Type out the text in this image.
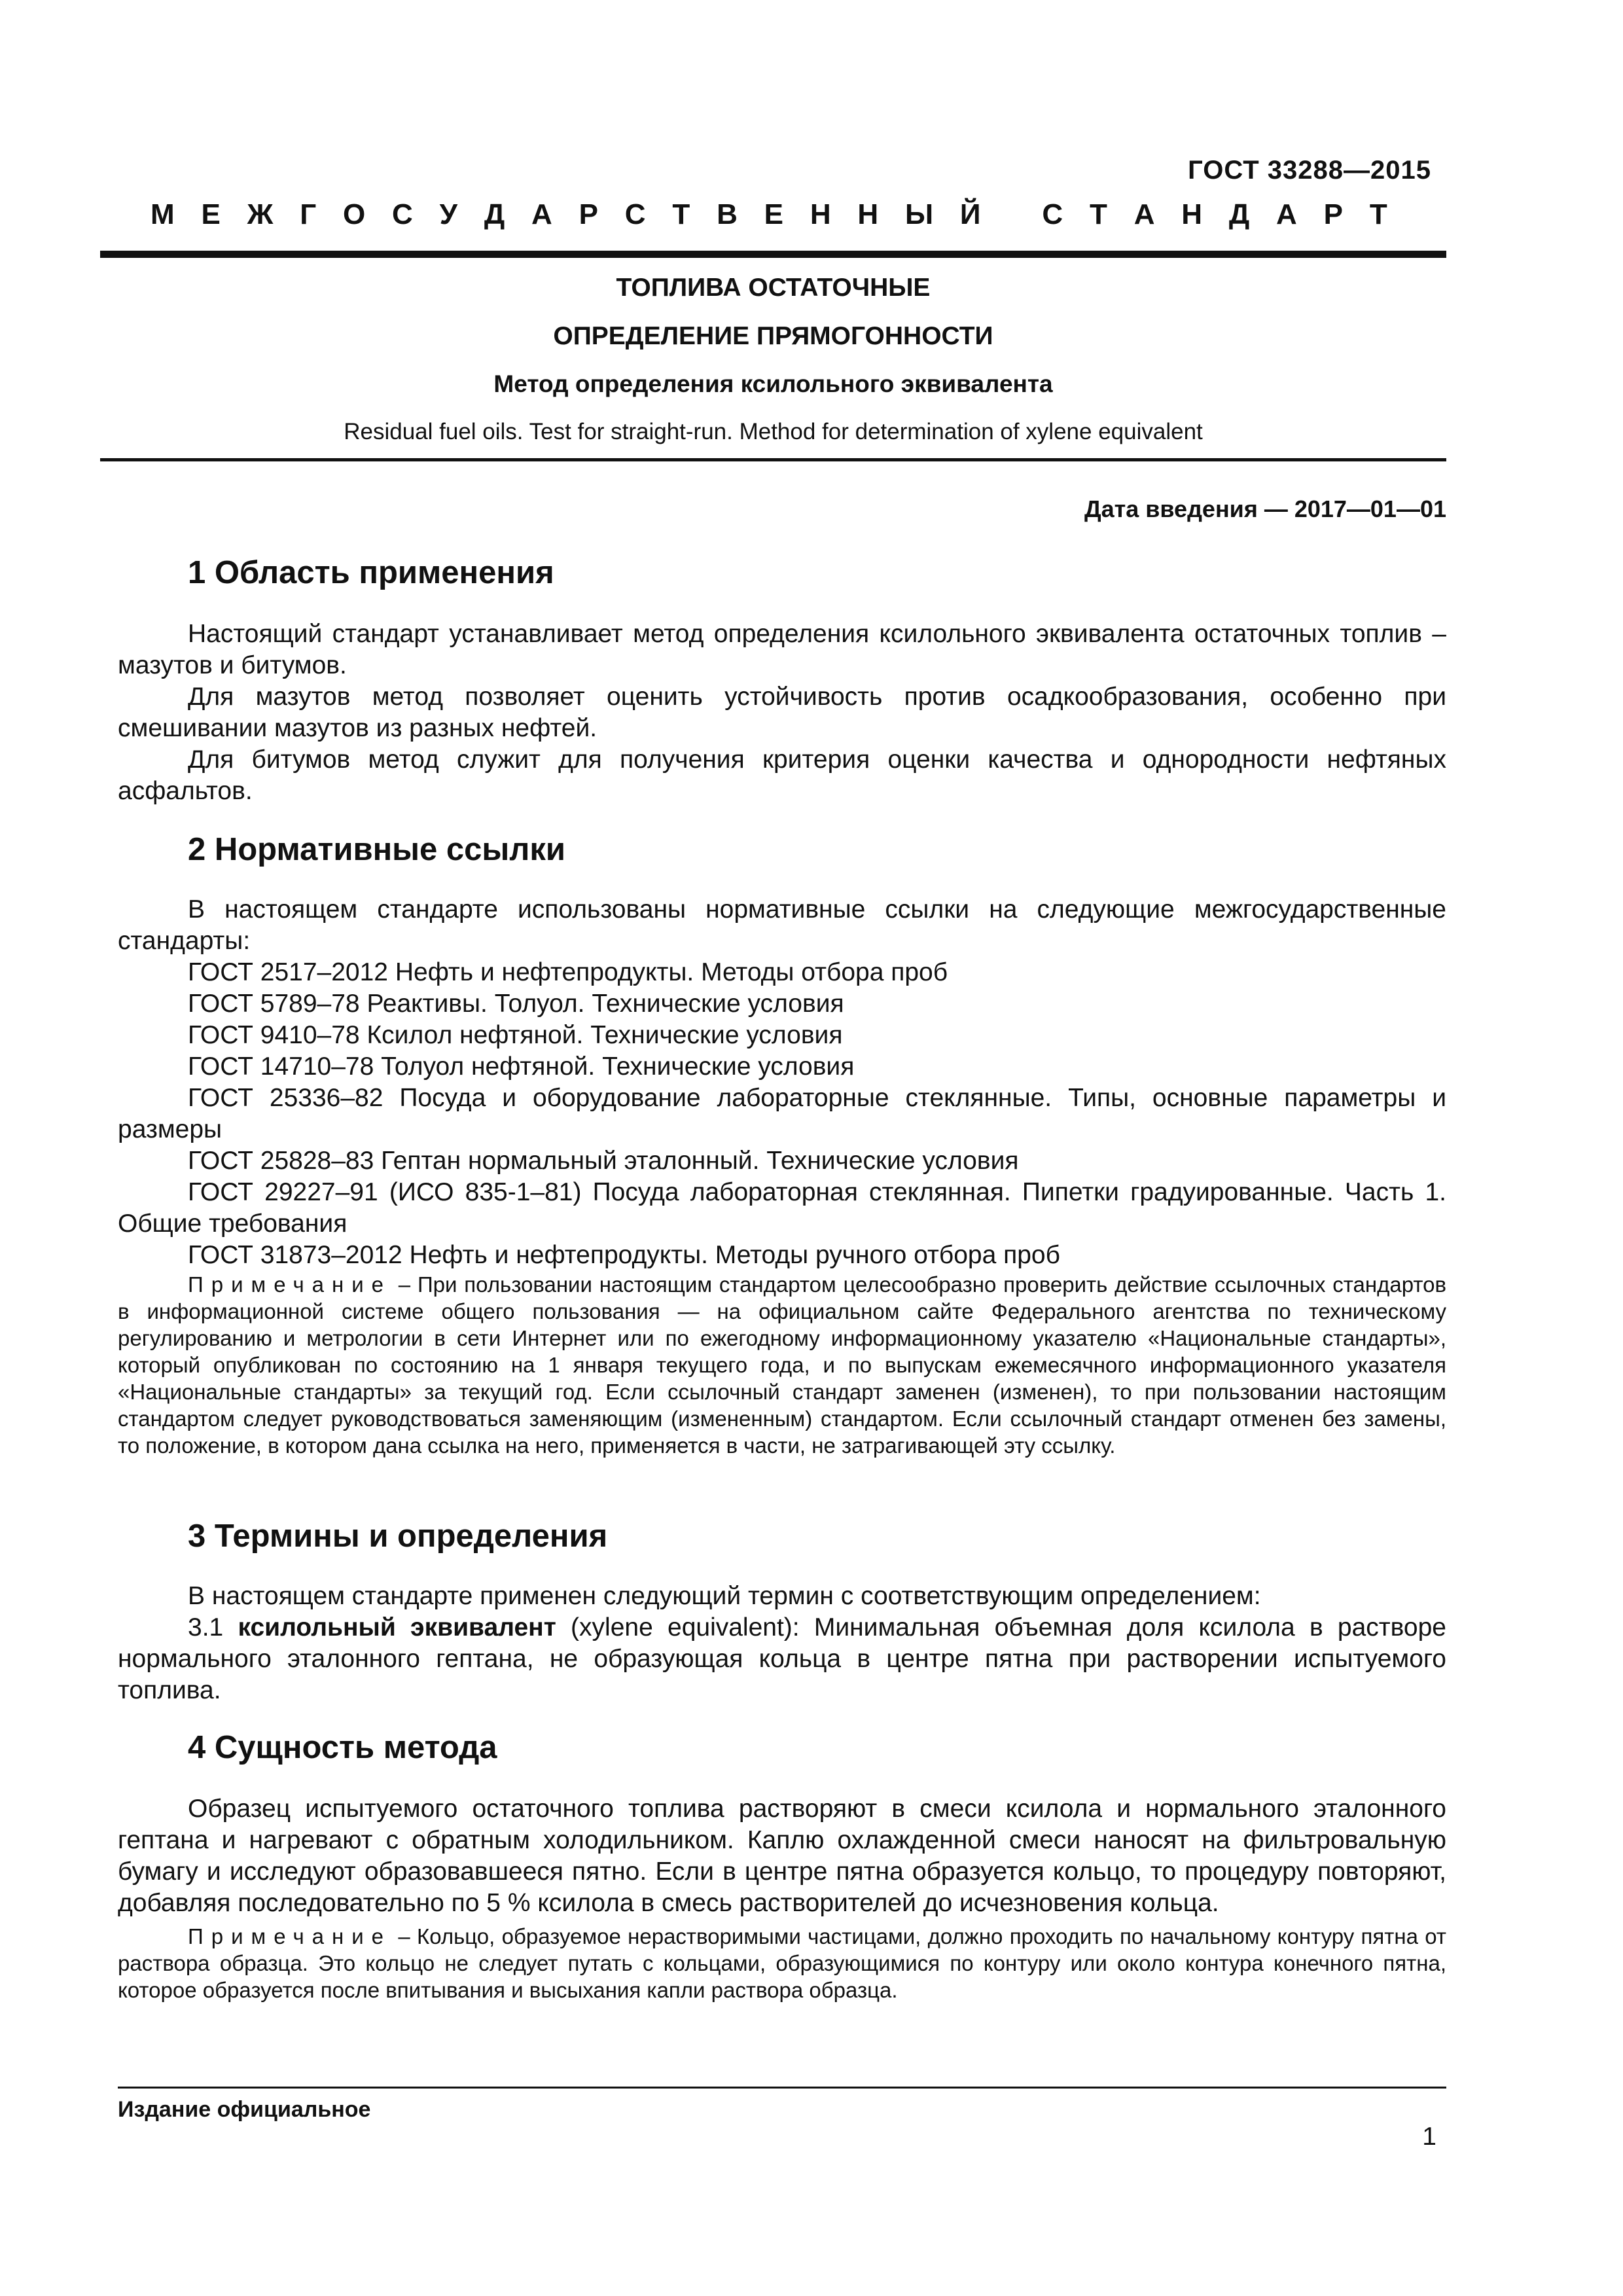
ГОСТ 33288—2015
М Е Ж Г О С У Д А Р С Т В Е Н Н Ы Й
С Т А Н Д А Р Т
ТОПЛИВА ОСТАТОЧНЫЕ
ОПРЕДЕЛЕНИЕ ПРЯМОГОННОСТИ
Метод определения ксилольного эквивалента
Residual fuel oils. Test for straight-run. Method for determination of xylene equivalent
Дата введения — 2017—01—01
1 Область применения

Настоящий стандарт устанавливает метод определения ксилольного эквивалента остаточных топлив – мазутов и битумов.

Для мазутов метод позволяет оценить устойчивость против осадкообразования, особенно при смешивании мазутов из разных нефтей.

Для битумов метод служит для получения критерия оценки качества и однородности нефтяных асфальтов.

2 Нормативные ссылки

В настоящем стандарте использованы нормативные ссылки на следующие межгосударственные стандарты:

ГОСТ 2517–2012 Нефть и нефтепродукты. Методы отбора проб

ГОСТ 5789–78 Реактивы. Толуол. Технические условия

ГОСТ 9410–78 Ксилол нефтяной. Технические условия

ГОСТ 14710–78 Толуол нефтяной. Технические условия

ГОСТ 25336–82 Посуда и оборудование лабораторные стеклянные. Типы, основные параметры и размеры

ГОСТ 25828–83 Гептан нормальный эталонный. Технические условия

ГОСТ 29227–91 (ИСО 835-1–81) Посуда лабораторная стеклянная. Пипетки градуированные. Часть 1. Общие требования

ГОСТ 31873–2012 Нефть и нефтепродукты. Методы ручного отбора проб

Примечание – При пользовании настоящим стандартом целесообразно проверить действие ссылочных стандартов в информационной системе общего пользования — на официальном сайте Федерального агентства по техническому регулированию и метрологии в сети Интернет или по ежегодному информационному указателю «Национальные стандарты», который опубликован по состоянию на 1 января текущего года, и по выпускам ежемесячного информационного указателя «Национальные стандарты» за текущий год. Если ссылочный стандарт заменен (изменен), то при пользовании настоящим стандартом следует руководствоваться заменяющим (измененным) стандартом. Если ссылочный стандарт отменен без замены, то положение, в котором дана ссылка на него, применяется в части, не затрагивающей эту ссылку.

3 Термины и определения

В настоящем стандарте применен следующий термин с соответствующим определением:

3.1 ксилольный эквивалент (xylene equivalent): Минимальная объемная доля ксилола в растворе нормального эталонного гептана, не образующая кольца в центре пятна при растворении испытуемого топлива.

4 Сущность метода

Образец испытуемого остаточного топлива растворяют в смеси ксилола и нормального эталонного гептана и нагревают с обратным холодильником. Каплю охлажденной смеси наносят на фильтровальную бумагу и исследуют образовавшееся пятно. Если в центре пятна образуется кольцо, то процедуру повторяют, добавляя последовательно по 5 % ксилола в смесь растворителей до исчезновения кольца.

Примечание – Кольцо, образуемое нерастворимыми частицами, должно проходить по начальному контуру пятна от раствора образца. Это кольцо не следует путать с кольцами, образующимися по контуру или около контура конечного пятна, которое образуется после впитывания и высыхания капли раствора образца.

Издание официальное
1
